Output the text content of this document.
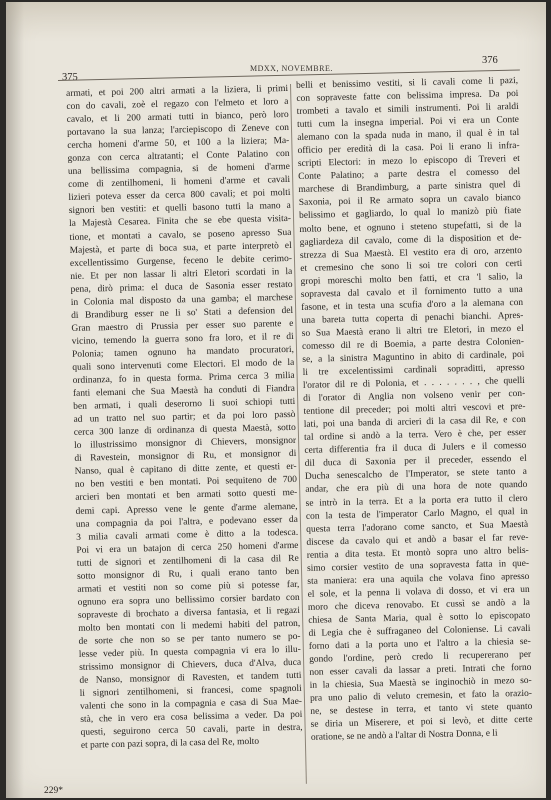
375
MDXX, NOVEMBRE.
376
armati, et poi 200 altri armati a la liziera, li primi
con do cavali, zoè el regazo con l'elmeto et loro a
cavalo, et li 200 armati tutti in bianco, però loro
portavano la sua lanza; l'arciepiscopo di Zeneve con
cercha homeni d'arme 50, et 100 a la liziera; Ma-
gonza con cerca altratanti; el Conte Palatino con
una bellissima compagnia, si de homeni d'arme
come di zentilhomeni, li homeni d'arme et cavali
lizieri poteva esser da cerca 800 cavali; et poi molti
signori ben vestiti: et quelli basono tutti la mano a
la Majestà Cesarea. Finita che se ebe questa visita-
tione, et montati a cavalo, se poseno apresso Sua
Majestà, et parte di boca sua, et parte interpretò el
excellentissimo Gurgense, feceno le debite cerimo-
nie. Et per non lassar li altri Eletori scordati in la
pena, dirò prima: el duca de Sasonia esser restato
in Colonia mal disposto da una gamba; el marchese
di Brandiburg esser ne li so' Stati a defension del
Gran maestro di Prussia per esser suo parente e
vicino, temendo la guerra sono fra loro, et il re di
Polonia; tamen ognuno ha mandato procuratori,
quali sono intervenuti come Electori. El modo de la
ordinanza, fo in questa forma. Prima cerca 3 milia
fanti elemani che Sua Maestà ha conduti di Fiandra
ben armati, i quali deserorno li suoi schiopi tutti
ad un tratto nel suo partir; et da poi loro passò
cerca 300 lanze di ordinanza di questa Maestà, sotto
lo illustrissimo monsignor di Chievers, monsignor
di Ravestein, monsignor di Ru, et monsignor di
Nanso, qual è capitano di ditte zente, et questi er-
no ben vestiti e ben montati. Poi sequiteno de 700
arcieri ben montati et ben armati sotto questi me-
demi capi. Apresso vene le gente d'arme alemane,
una compagnia da poi l'altra, e podevano esser da
3 milia cavali armati come è ditto a la todesca.
Poi vi era un batajon di cerca 250 homeni d'arme
tutti de signori et zentilhomeni di la casa dil Re
sotto monsignor di Ru, i quali erano tanto ben
armati et vestiti non so come più si potesse far,
ognuno era sopra uno bellissimo corsier bardato con
sopraveste di brochato a diversa fantasia, et li regazi
molto ben montati con li medemi habiti del patron,
de sorte che non so se per tanto numero se po-
lesse veder più. In questa compagnia vi era lo illu-
strissimo monsignor di Chievers, duca d'Alva, duca
de Nanso, monsignor di Ravesten, et tandem tutti
li signori zentilhomeni, si francesi, come spagnoli
valenti che sono in la compagnia e casa di Sua Mae-
stà, che in vero era cosa belissima a veder. Da poi
questi, seguirono cerca 50 cavali, parte in destra,
et parte con pazi sopra, di la casa del Re, molto
belli et benissimo vestiti, si li cavali come li pazi,
con sopraveste fatte con belissima impresa. Da poi
trombeti a tavalo et simili instrumenti. Poi li araldi
tutti cum la insegna imperial. Poi vi era un Conte
alemano con la spada nuda in mano, il qual è in tal
officio per eredità di la casa. Poi li erano li infra-
scripti Electori: in mezo lo episcopo di Treveri et
Conte Palatino; a parte destra el comesso del
marchese di Brandimburg, a parte sinistra quel di
Saxonia, poi il Re armato sopra un cavalo bianco
belissimo et gagliardo, lo qual lo manizò più fiate
molto bene, et ognuno i steteno stupefatti, si de la
gagliardeza dil cavalo, come di la disposition et de-
strezza di Sua Maestà. El vestito era di oro, arzento
et cremesino che sono li soi tre colori con certi
gropi moreschi molto ben fatti, et cra 'l salio, la
sopravesta dal cavalo et il fornimento tutto a una
fasone, et in testa una scufia d'oro a la alemana con
una bareta tutta coperta di penachi bianchi. Apres-
so Sua Maestà erano li altri tre Eletori, in mezo el
comesso dil re di Boemia, a parte destra Colonien-
se, a la sinistra Maguntino in abito di cardinale, poi
li tre excelentissimi cardinali sopraditti, apresso
l'orator dil re di Polonia, et . . . . . . . , che quelli
di l'orator di Anglia non volseno venir per con-
tentione dil preceder; poi molti altri vescovi et pre-
lati, poi una banda di arcieri di la casa dil Re, e con
tal ordine si andò a la terra. Vero è che, per esser
certa differentia fra il duca di Julers e il comesso
dil duca di Saxonia per il preceder, essendo el
Ducha senescalcho de l'Imperator, se stete tanto a
andar, che era più di una hora de note quando
se intrò in la terra. Et a la porta era tutto il clero
con la testa de l'imperator Carlo Magno, el qual in
questa terra l'adorano come sancto, et Sua Maestà
discese da cavalo qui et andò a basar el far reve-
rentia a dita testa. Et montò sopra uno altro belis-
simo corsier vestito de una sopravesta fatta in que-
sta maniera: era una aquila che volava fino apresso
el sole, et la penna li volava di dosso, et vi era un
moro che diceva renovabo. Et cussì se andò a la
chiesa de Santa Maria, qual è sotto lo episcopato
di Legia che è suffraganeo del Coloniense. Li cavali
forno dati a la porta uno et l'altro a la chiesia se-
gondo l'ordine, però credo li recupererano per
non esser cavali da lassar a preti. Intrati che forno
in la chiesia, Sua Maestà se inginochiò in mezo so-
pra uno palio di veluto cremesin, et fato la orazio-
ne, se destese in terra, et tanto vi stete quanto
se diria un Miserere, et poi si levò, et ditte certe
oratione, se ne andò a l'altar di Nostra Donna, e li
229*
